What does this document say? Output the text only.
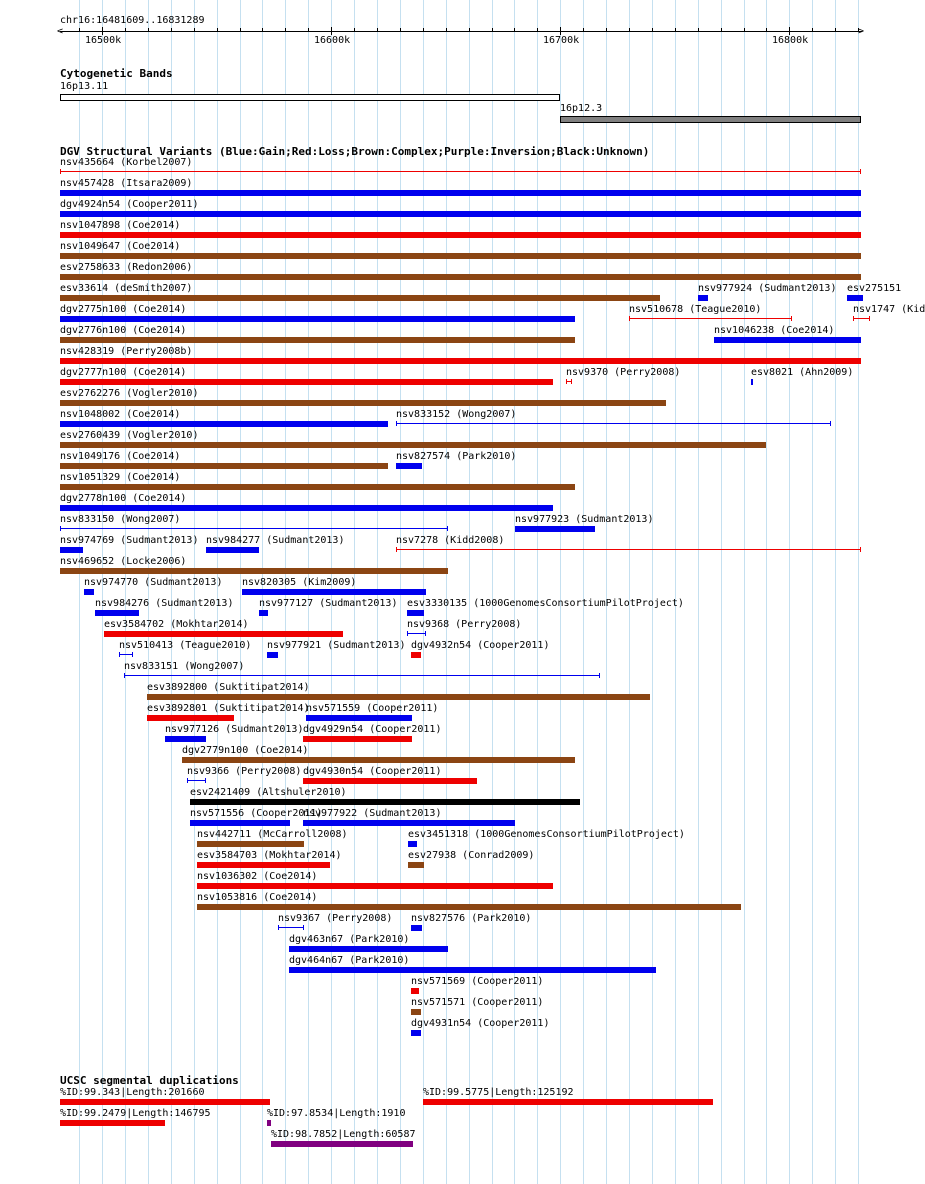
chr16:16481609..16831289
16500k	16600k	16700k	16800k
<	>
Cytogenetic Bands
16p13.11
16p12.3
DGV Structural Variants (Blue:Gain;Red:Loss;Brown:Complex;Purple:Inversion;Black:Unknown)
nsv435664 (Korbel2007)
nsv457428 (Itsara2009)
dgv4924n54 (Cooper2011)
nsv1047898 (Coe2014)
nsv1049647 (Coe2014)
esv2758633 (Redon2006)
esv33614 (deSmith2007)	nsv977924 (Sudmant2013) esv275151
dgv2775n100 (Coe2014)	nsv510678 (Teague2010)	nsv1747 (Kid
dgv2776n100 (Coe2014)	nsv1046238 (Coe2014)
nsv428319 (Perry2008b)
dgv2777n100 (Coe2014)	nsv9370 (Perry2008)	esv8021 (Ahn2009)
esv2762276 (Vogler2010)
nsv1048002 (Coe2014)	nsv833152 (Wong2007)
esv2760439 (Vogler2010)
nsv1049176 (Coe2014)	nsv827574 (Park2010)
nsv1051329 (Coe2014)
dgv2778n100 (Coe2014)
nsv833150 (Wong2007)	nsv977923 (Sudmant2013)
nsv974769 (Sudmant2013) nsv984277 (Sudmant2013)	nsv7278 (Kidd2008)
nsv469652 (Locke2006)
nsv974770 (Sudmant2013) nsv820305 (Kim2009)
nsv984276 (Sudmant2013)	nsv977127 (Sudmant2013) esv3330135 (1000GenomesConsortiumPilotProject)
esv3584702 (Mokhtar2014)	nsv9368 (Perry2008)
nsv510413 (Teague2010) nsv977921 (Sudmant2013) dgv4932n54 (Cooper2011)
nsv833151 (Wong2007)
esv3892800 (Suktitipat2014)
esv3892801 (Suktitipat2014)
nsv571559 (Cooper2011)
nsv977126 (Sudmant2013) dgv4929n54 (Cooper2011)
dgv2779n100 (Coe2014)
nsv9366 (Perry2008) dgv4930n54 (Cooper2011)
esv2421409 (Altshuler2010)
nsv571556 (Cooper2011)
nsv977922 (Sudmant2013)
nsv442711 (McCarroll2008)	esv3451318 (1000GenomesConsortiumPilotProject)
esv3584703 (Mokhtar2014)	esv27938 (Conrad2009)
nsv1036302 (Coe2014)
nsv1053816 (Coe2014)
nsv9367 (Perry2008) nsv827576 (Park2010)
dgv463n67 (Park2010)
dgv464n67 (Park2010)
nsv571569 (Cooper2011)
nsv571571 (Cooper2011)
dgv4931n54 (Cooper2011)
UCSC segmental duplications
%ID:99.343|Length:201660	%ID:99.5775|Length:125192
%ID:99.2479|Length:146795	%ID:97.8534|Length:1910
%ID:98.7852|Length:60587
